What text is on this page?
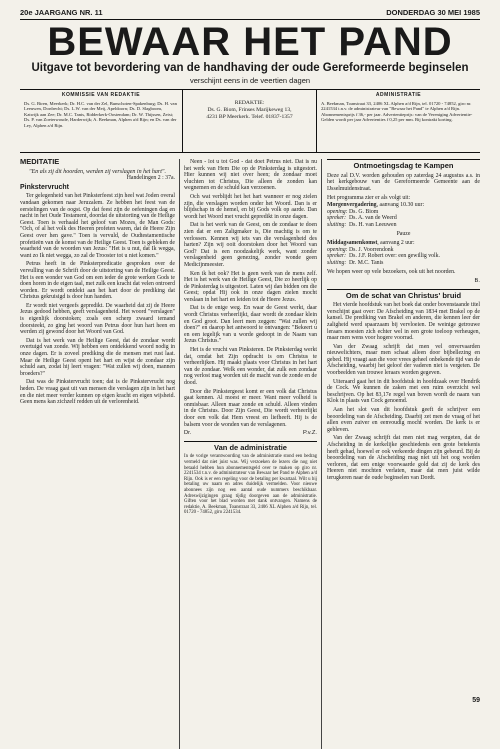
20e JAARGANG NR. 11	DONDERDAG 30 MEI 1985
BEWAAR HET PAND
Uitgave tot bevordering van de handhaving der oude Gereformeerde beginselen
verschijnt eens in de veertien dagen
KOMMISSIE VAN REDAKTIE
Ds. G. Biren, Meerkerk; Dr. H.C. van der Zel, Bunschoten-Spakenburg; Ds. H. van Leeuwen, Dordrecht; Ds. L.W. van der Meij, Apeldoorn; Ds. D. Slagboom, Katwijk aan Zee; Dr. M.C. Tanis, Ridderkerk-Oostendam; Dr. W. Thijssen, Zeist; Ds. P. van Zoeterwoude, Harderwijk; A. Beekman, Alphen a/d Rijn; en Ds. van der Ley, Alphen a/d Rijn.
REDAKTIE:
Ds. G. Biom, Frinses Marijkeweg 13,
4231 BP Meerkerk. Telef. 01837-1357
ADMINISTRATIE
A. Beekman, Toanstraat 33, 2406 XL Alphen a/d Rijn, tel. 01720 - 74852, giro nr. 2241534 t.n.v. de administrateur van "Bewaar het Pand" te Alphen a/d Rijn. Abonnementsprijs f 36,- per jaar. Advertentieprijs: van de Vereniging Advertentie-Gelden wordt per jaar Advertenties f 0,25 per mm. Bij kontrakt korting.
MEDITATIE
"En als zij dit hoorden, werden zij verslagen in het hart".
Handelingen 2 : 37a.
Pinkstervrucht

Ter gelegenheid van het Pinksterfeest zijn heel wat Joden overal vandaan gekomen naar Jeruzalem. Ze hebben het feest van de eerstelingen van de oogst. Op dat feest zijn de oefeningen dag en nacht in het Oude Testament, doordat de uitstorting van de Heilige Geest. Toen is verhaald het geloof van Mozes, de Man Gods: "Och, of al het volk des Heeren profeten waren, dat de Heere Zijn Geest over hen gave." Toen is vervuld, de Oudtestamentische profetieën van de komst van de Heilige Geest. Toen is gebleken de waarheid van de woorden van Jezus: "Het is u nut, dat Ik wegga, want zo Ik niet wegga, zo zal de Trooster tot u niet komen."

Petrus heeft in de Pinksterpredicatie gesproken over de vervulling van de Schrift door de uitstorting van de Heilige Geest. Het is een wonder van God om een ieder de grote werken Gods te doen horen in de eigen taal, met zulk een kracht dat velen ontroerd worden. Er wordt ontdekt aan het hart door de prediking dat Christus gekruisigd is door hun handen.

Er wordt niet vergeefs gepredikt. De waarheid dat zij de Heere Jezus gedood hebben, geeft verslagenheid. Het woord "verslagen" is eigenlijk doorstoken; zoals een scherp zwaard iemand doorsteekt, zo ging het woord van Petrus door hun hart heen en werden zij gewond door het Woord van God.

Dat is het werk van de Heilige Geest, dat de zondaar wordt overtuigd van zonde. Wij hebben een ontdekkend woord nodig in onze dagen. Er is zoveel prediking die de mensen met rust laat. Maar de Heilige Geest opent het hart en wijst de zondaar zijn schuld aan, zodat hij leert vragen: "Wat zullen wij doen, mannen broeders?"

Dat was de Pinkstervrucht toen; dat is de Pinkstervrucht nog heden. De vraag gaat uit van mensen die verslagen zijn in het hart en die niet meer verder kunnen op eigen kracht en eigen wijsheid. Geen mens kan zichzelf redden uit de verlorenheid.

Neen - lot u tot God - dat doet Petrus niet. Dat is nu het werk van Hem Die op de Pinksterdag is uitgestort. Hier kunnen wij niet over heen; de zondaar moet vluchten tot Christus, Die alleen de zonden kan wegnemen en de schuld kan verzoenen.

Och wat verblijdt het het hart wanneer er nog zielen zijn, die verslagen worden onder het Woord. Dan is er blijdschap in de hemel, en bij Gods volk op aarde. Dan wordt het Woord met vrucht gepredikt in onze dagen.

Dat is het werk van de Geest, om de zondaar te doen zien dat er een Zaligmaker is, Die machtig is om te verlossen. Kennen wij iets van die verslagenheid des harten? Zijn wij ooit doorstoken door het Woord van God? Dat is een noodzakelijk werk, want zonder verslagenheid geen genezing, zonder wonde geen Medicijnmeester.

Ken ik het ook? Het is geen werk van de mens zelf. Het is het werk van de Heilige Geest, Die zo heerlijk op de Pinksterdag is uitgestort. Laten wij dan bidden om die Geest; opdat Hij ook in onze dagen zielen mocht verslaan in het hart en leiden tot de Heere Jezus.

Dat is de enige weg. En waar de Geest werkt, daar wordt Christus verheerlijkt, daar wordt de zondaar klein en God groot. Dan leert men zeggen: "Wat zullen wij doen?" en daarop het antwoord te ontvangen: "Bekeert u en een iegelijk van u worde gedoopt in de Naam van Jezus Christus."

Het is de vrucht van Pinksteren. De Pinksterdag werkt dat, omdat het Zijn opdracht is om Christus te verheerlijken. Hij maakt plaats voor Christus in het hart van de zondaar. Welk een wonder, dat zulk een zondaar nog verlost mag worden uit de macht van de zonde en de dood.

Door die Pinkstergeest komt er een volk dat Christus gaat kennen. Al moest er meer. Want meer volheid is onmisbaar. Alleen maar zonde en schuld. Alleen vinden in de Christus. Door Zijn Geest, Die wordt verheerlijkt door een volk dat Hem vreest en liefheeft. Hij is de balsem voor de wonden van de verslagenen.

Dr.	P.v.Z.
Van de administratie
In de vorige verantwoording van de administratie stond een bedrag vermeld dat niet juist was. Wij verzoeken de lezers die nog niet betaald hebben hun abonnementsgeld over te maken op giro nr. 2241534 t.n.v. de administrateur van Bewaar het Pand te Alphen a/d Rijn. Ook is er een regeling voor de betaling per kwartaal. Wilt u bij betaling uw naam en adres duidelijk vermelden. Voor nieuwe abonnees zijn nog een aantal oude nummers beschikbaar. Adreswijzigingen graag tijdig doorgeven aan de administratie. Giften voor het blad worden met dank ontvangen. Namens de redaktie, A. Beekman, Toanstraat 33, 2406 XL Alphen a/d Rijn, tel. 01720 - 74852, giro 2241534.
Ontmoetingsdag te Kampen

Deze zal D.V. worden gehouden op zaterdag 24 augustus a.s. in het kerkgebouw van de Gereformeerde Gemeente aan de IJsselmuidenstraat.

Het programma zier er als volgt uit:
Morgenvergadering, aanvang 10.30 uur:
opening: Ds. G. Biom
spreker: Ds. A. van de Weerd
sluiting: Ds. H. van Leeuwen
Pauze
Middagsamenkomst, aanvang 2 uur:
opening: Ds. J. Voorrendonk
spreker: Ds. J.F. Robert over: een gewillig volk.
sluiting: Dr. M.C. Tanis

We hopen weer op vele bezoekers, ook uit het noorden.

B.
Om de schat van Christus' bruid

Het vierde hoofdstuk van het boek dat onder bovenstaande titel verschijnt gaat over: De Afscheiding van 1834 met Brakel op de kansel. De prediking van Brakel en anderen, die kennen leer der zaligheid werd spaarzaam bij vervloeien. De weinige getrouwe leraars moesten zich echter wel in een grote toeloop verheugen, maar men wens voor hogere voorrad.

Van der Zwaag schrijft dat men vel onvervaarden nieuwelichters, maar men schaat alleen door bijbellezing en gebed. Hij vraagt aan die voor vrees geheel onbekende tijd van de Afscheiding, waarbij het geloof der vaderen niet is vergeten. De voorbeelden van trouwe leraars worden gegeven.

Uiteraard gaat het in dit hoofdstuk in hoofdzaak over Hendrik de Cock. We kunnen de zaken met een ruim overzicht wel beschrijven. Op het 83,17e regel van boven wordt de naam van Klok in plaats van Cock genoemd.

Aan het slot van dit hoofdstuk geeft de schrijver een beoordeling van de Afscheiding. Daarbij zet men de vraag of het allen even zuiver en eenvoudig mocht worden. De kerk is er gebleven.

Van der Zwaag schrijft dat men niet mag vergeten, dat de Afscheiding in de kerkelijke geschiedenis een grote betekenis heeft gehad, hoewel er ook verkeerde dingen zijn gebeurd. Bij de beoordeling van de Afscheiding mag niet uit het oog worden verloren, dat een enige voorwaarde gold dat zij de kerk des Heeren niet mochten verlaten, maar dat men juist wilde terugkeren naar de oude beginselen van Dordt.

59
